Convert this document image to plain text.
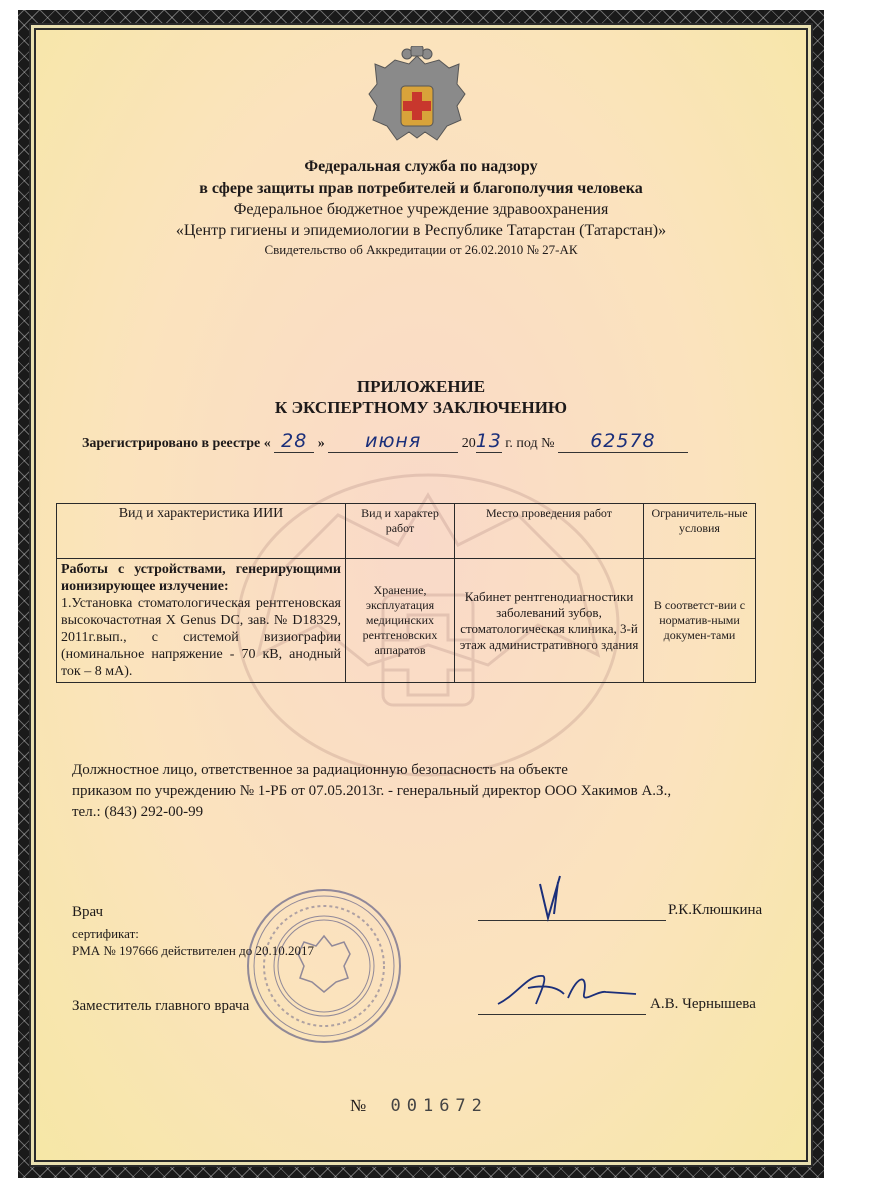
Федеральная служба по надзору
в сфере защиты прав потребителей и благополучия человека
Федеральное бюджетное учреждение здравоохранения
«Центр гигиены и эпидемиологии в Республике Татарстан (Татарстан)»
Свидетельство об Аккредитации от 26.02.2010 № 27-АК
ПРИЛОЖЕНИЕ
К ЭКСПЕРТНОМУ ЗАКЛЮЧЕНИЮ
Зарегистрировано в реестре « 28 » июня	2013 г. под № 62578
Вид и характеристика ИИИ	Вид и характер работ	Место проведения работ	Ограничитель-ные условия
Работы с устройствами, генерирующими ионизирующее излучение:
1.Установка стоматологическая рентгеновская высокочастотная X Genus DC, зав. № D18329, 2011г.вып., с системой визиографии (номинальное напряжение - 70 кВ, анодный ток – 8 мА).	Хранение, эксплуатация медицинских рентгеновских аппаратов	Кабинет рентгенодиагностики заболеваний зубов, стоматологическая клиника, 3-й этаж административного здания	В соответст-вии с норматив-ными докумен-тами
Должностное лицо, ответственное за радиационную безопасность на объекте
приказом по учреждению № 1-РБ от 07.05.2013г. - генеральный директор ООО Хакимов А.З.,
тел.: (843) 292-00-99
Врач
сертификат:
РМА № 197666 действителен до 20.10.2017
Р.К.Клюшкина
Заместитель главного врача	А.В. Чернышева
№ 001672
